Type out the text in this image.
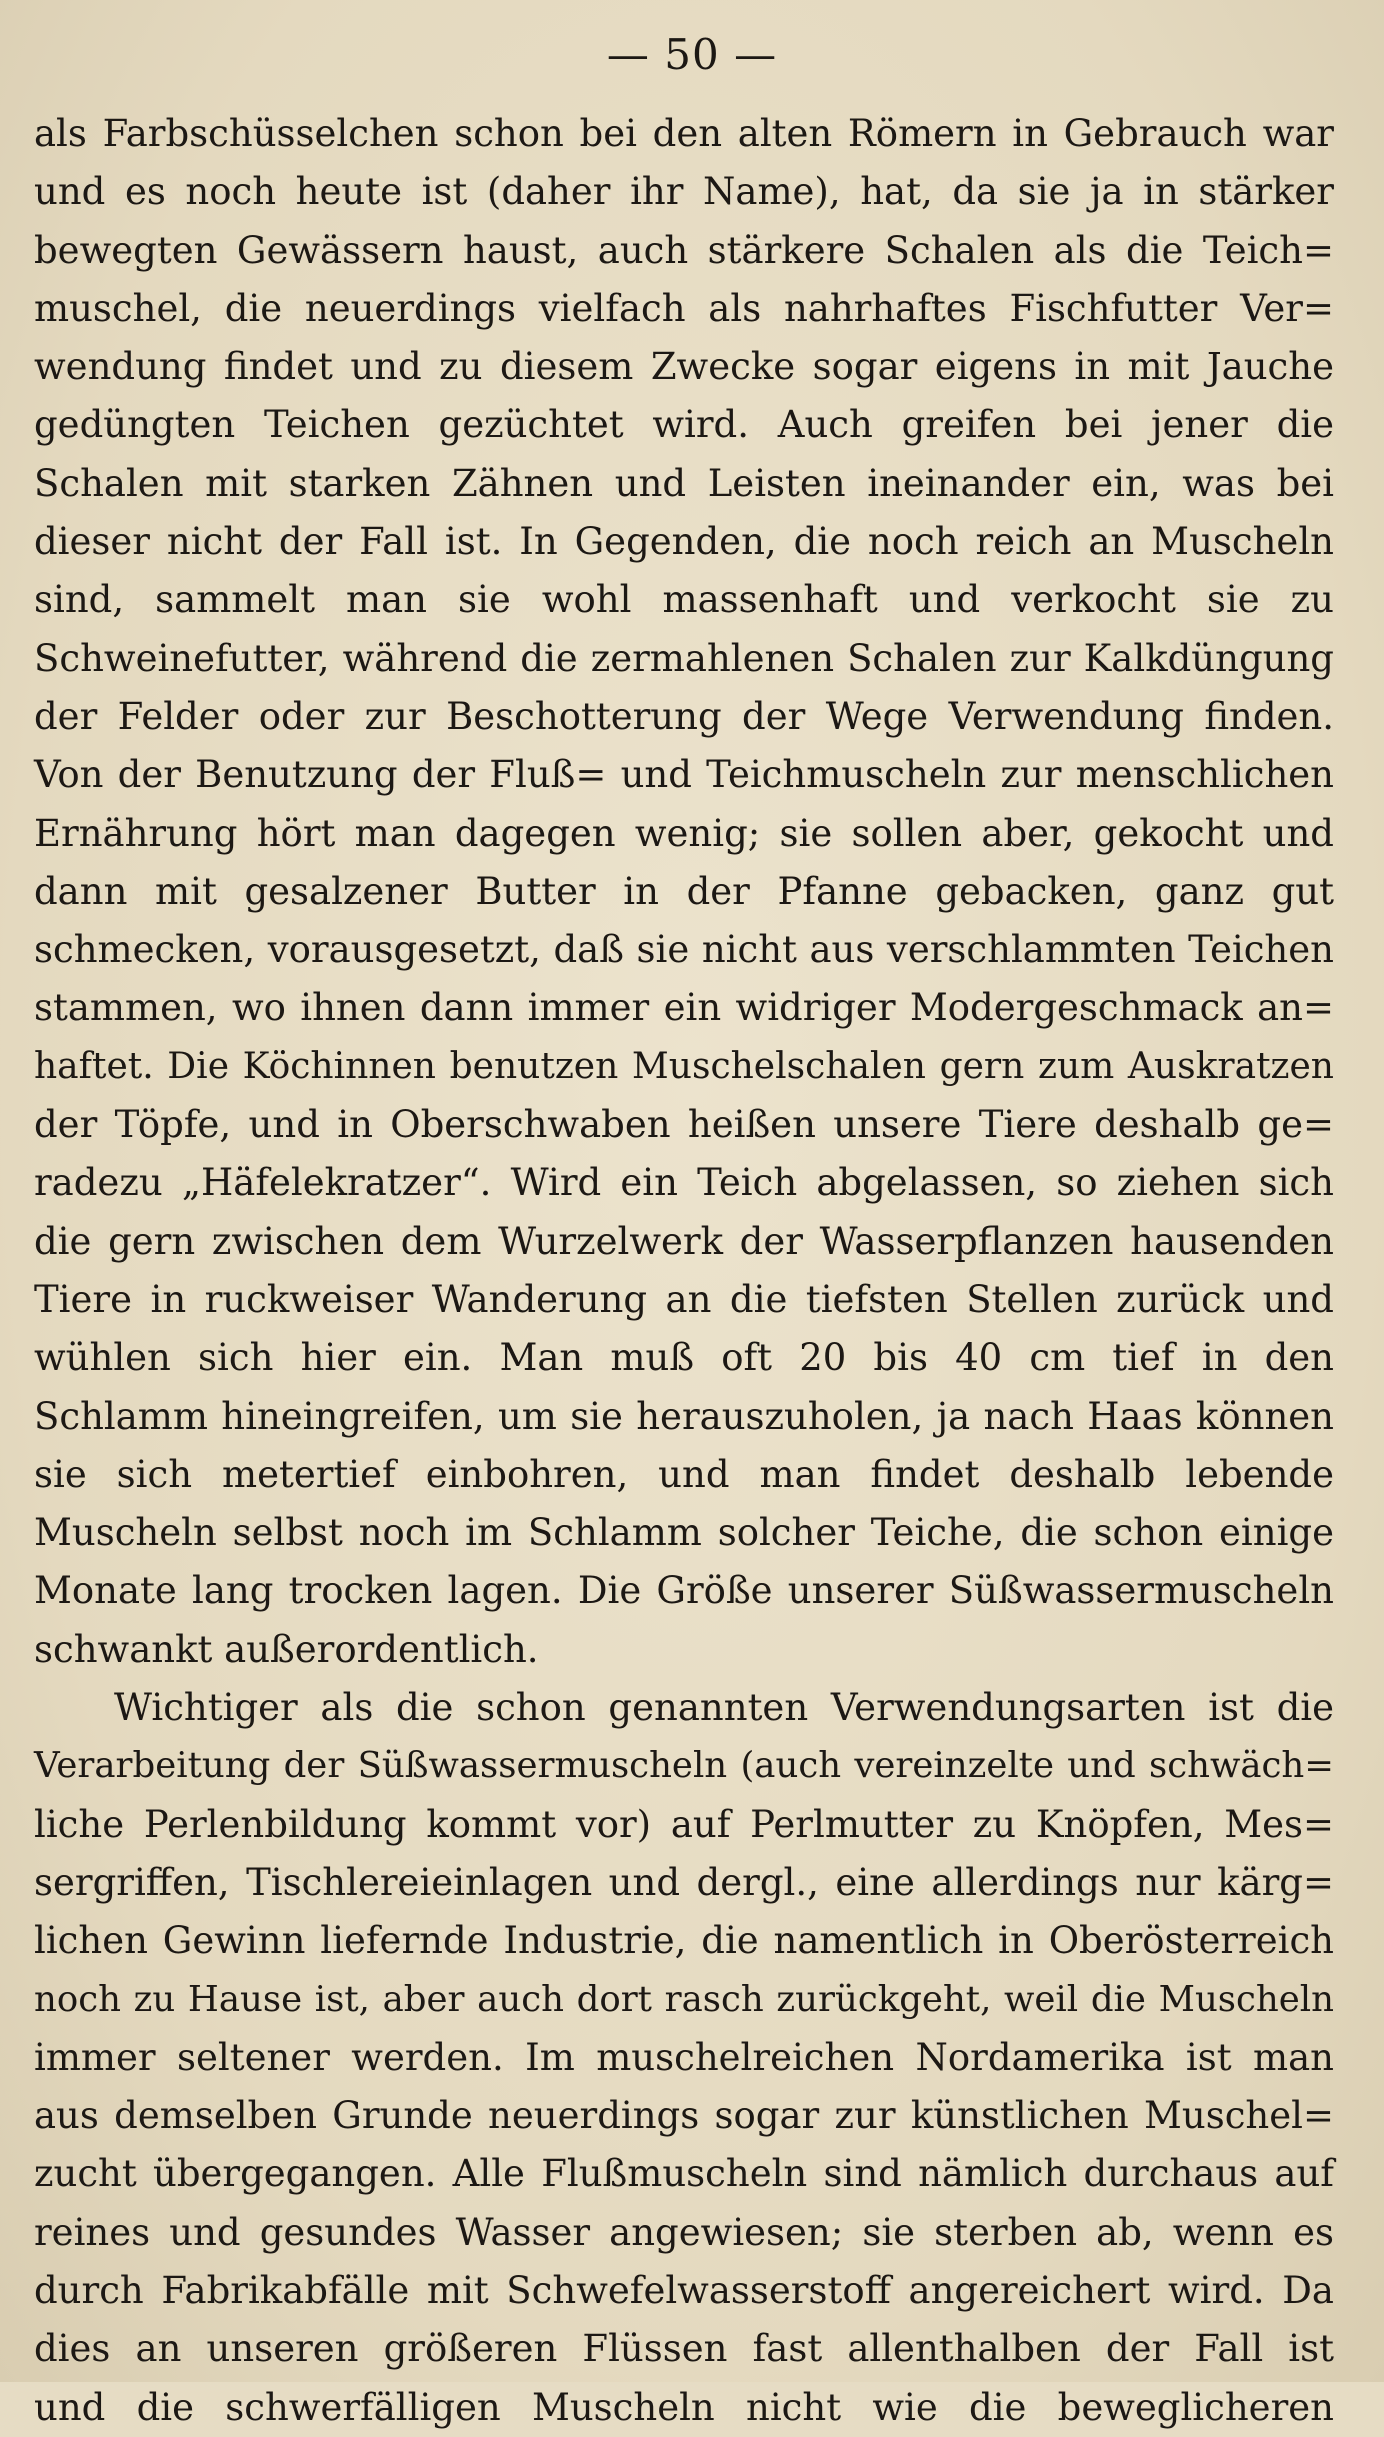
— 50 —
als Farbschüsselchen schon bei den alten Römern in Gebrauch war
und es noch heute ist (daher ihr Name), hat, da sie ja in stärker
bewegten Gewässern haust, auch stärkere Schalen als die Teich=
muschel, die neuerdings vielfach als nahrhaftes Fischfutter Ver=
wendung findet und zu diesem Zwecke sogar eigens in mit Jauche
gedüngten Teichen gezüchtet wird. Auch greifen bei jener die
Schalen mit starken Zähnen und Leisten ineinander ein, was bei
dieser nicht der Fall ist. In Gegenden, die noch reich an Muscheln
sind, sammelt man sie wohl massenhaft und verkocht sie zu
Schweinefutter, während die zermahlenen Schalen zur Kalkdüngung
der Felder oder zur Beschotterung der Wege Verwendung finden.
Von der Benutzung der Fluß= und Teichmuscheln zur menschlichen
Ernährung hört man dagegen wenig; sie sollen aber, gekocht und
dann mit gesalzener Butter in der Pfanne gebacken, ganz gut
schmecken, vorausgesetzt, daß sie nicht aus verschlammten Teichen
stammen, wo ihnen dann immer ein widriger Modergeschmack an=
haftet. Die Köchinnen benutzen Muschelschalen gern zum Auskratzen
der Töpfe, und in Oberschwaben heißen unsere Tiere deshalb ge=
radezu „Häfelekratzer“. Wird ein Teich abgelassen, so ziehen sich
die gern zwischen dem Wurzelwerk der Wasserpflanzen hausenden
Tiere in ruckweiser Wanderung an die tiefsten Stellen zurück und
wühlen sich hier ein. Man muß oft 20 bis 40 cm tief in den
Schlamm hineingreifen, um sie herauszuholen, ja nach Haas können
sie sich metertief einbohren, und man findet deshalb lebende
Muscheln selbst noch im Schlamm solcher Teiche, die schon einige
Monate lang trocken lagen. Die Größe unserer Süßwassermuscheln
schwankt außerordentlich.
Wichtiger als die schon genannten Verwendungsarten ist die
Verarbeitung der Süßwassermuscheln (auch vereinzelte und schwäch=
liche Perlenbildung kommt vor) auf Perlmutter zu Knöpfen, Mes=
sergriffen, Tischlereieinlagen und dergl., eine allerdings nur kärg=
lichen Gewinn liefernde Industrie, die namentlich in Oberösterreich
noch zu Hause ist, aber auch dort rasch zurückgeht, weil die Muscheln
immer seltener werden. Im muschelreichen Nordamerika ist man
aus demselben Grunde neuerdings sogar zur künstlichen Muschel=
zucht übergegangen. Alle Flußmuscheln sind nämlich durchaus auf
reines und gesundes Wasser angewiesen; sie sterben ab, wenn es
durch Fabrikabfälle mit Schwefelwasserstoff angereichert wird. Da
dies an unseren größeren Flüssen fast allenthalben der Fall ist
und die schwerfälligen Muscheln nicht wie die beweglicheren
